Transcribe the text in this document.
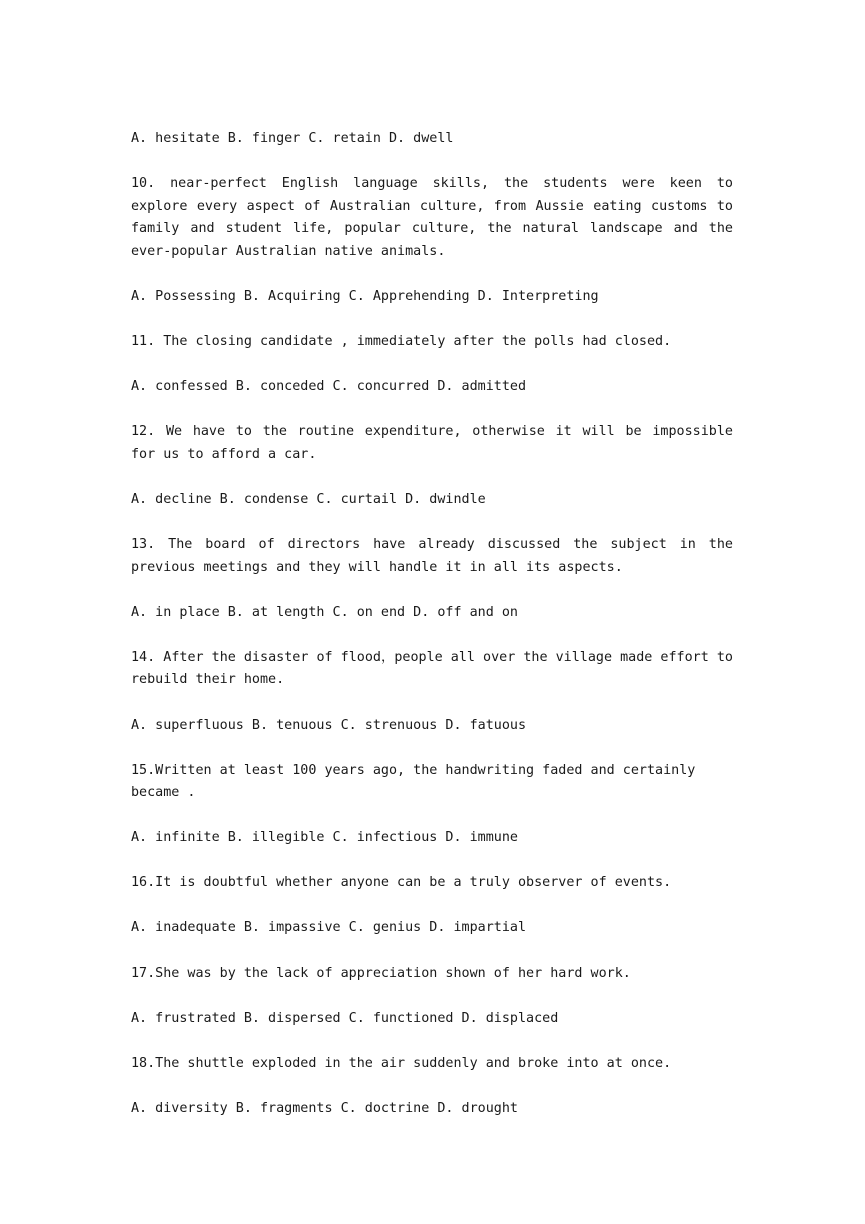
A. hesitate B. finger C. retain D. dwell

10. near-perfect English language skills, the students were keen to explore every aspect of Australian culture, from Aussie eating customs to family and student life, popular culture, the natural landscape and the ever-popular Australian native animals.

A. Possessing B. Acquiring C. Apprehending D. Interpreting

11. The closing candidate , immediately after the polls had closed.

A. confessed B. conceded C. concurred D. admitted

12. We have to the routine expenditure, otherwise it will be impossible for us to afford a car.

A. decline B. condense C. curtail D. dwindle

13. The board of directors have already discussed the subject in the previous meetings and they will handle it in all its aspects.

A. in place B. at length C. on end D. off and on

14. After the disaster of flood，people all over the village made effort to rebuild their home.

A. superfluous B. tenuous C. strenuous D. fatuous

15.Written at least 100 years ago, the handwriting faded and certainly became .

A. infinite B. illegible C. infectious D. immune

16.It is doubtful whether anyone can be a truly observer of events.

A. inadequate B. impassive C. genius D. impartial

17.She was by the lack of appreciation shown of her hard work.

A. frustrated B. dispersed C. functioned D. displaced

18.The shuttle exploded in the air suddenly and broke into at once.

A. diversity B. fragments C. doctrine D. drought
